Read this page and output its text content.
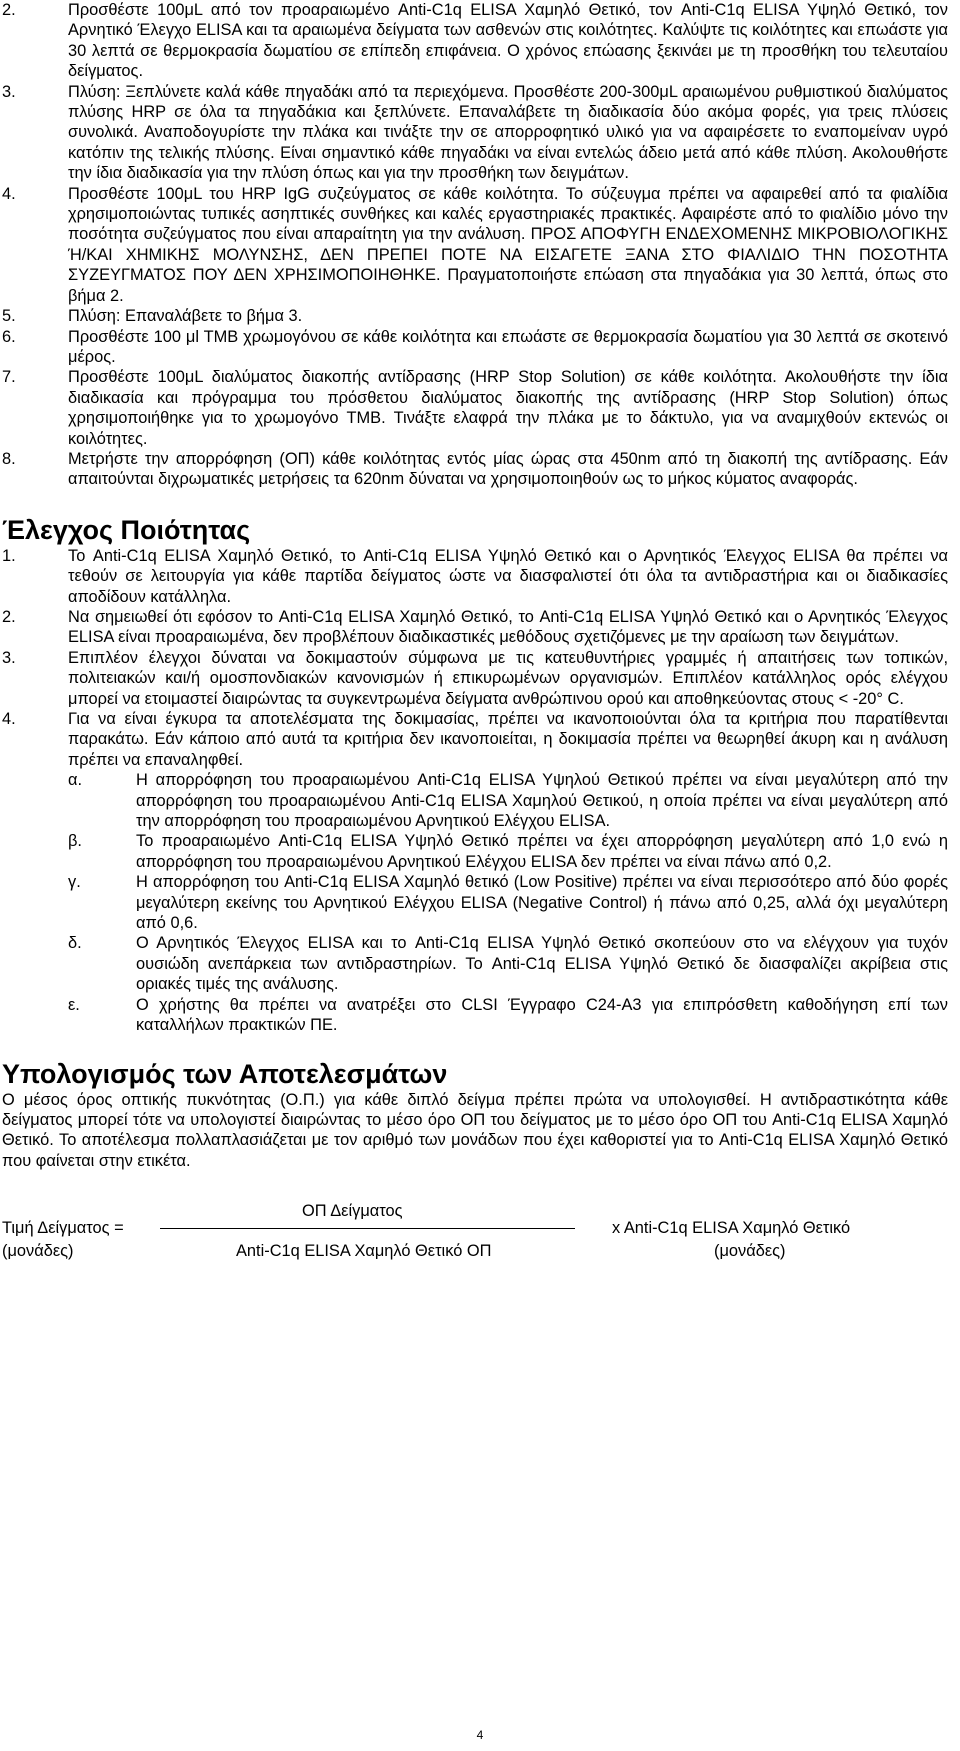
2.	Προσθέστε 100μL από τον προαραιωμένο Anti-C1q ELISA Χαμηλό Θετικό, τον Anti-C1q ELISA Υψηλό Θετικό, τον Αρνητικό Έλεγχο ELISA και τα αραιωμένα δείγματα των ασθενών στις κοιλότητες. Καλύψτε τις κοιλότητες και επωάστε για 30 λεπτά σε θερμοκρασία δωματίου σε επίπεδη επιφάνεια. Ο χρόνος επώασης ξεκινάει με τη προσθήκη του τελευταίου δείγματος.
3.	Πλύση: Ξεπλύνετε καλά κάθε πηγαδάκι από τα περιεχόμενα. Προσθέστε 200-300μL αραιωμένου ρυθμιστικού διαλύματος πλύσης HRP σε όλα τα πηγαδάκια και ξεπλύνετε. Επαναλάβετε τη διαδικασία δύο ακόμα φορές, για τρεις πλύσεις συνολικά. Αναποδογυρίστε την πλάκα και τινάξτε την σε απορροφητικό υλικό για να αφαιρέσετε το εναπομείναν υγρό κατόπιν της τελικής πλύσης. Είναι σημαντικό κάθε πηγαδάκι να είναι εντελώς άδειο μετά από κάθε πλύση. Ακολουθήστε την ίδια διαδικασία για την πλύση όπως και για την προσθήκη των δειγμάτων.
4.	Προσθέστε 100μL του HRP IgG συζεύγματος σε κάθε κοιλότητα. Το σύζευγμα πρέπει να αφαιρεθεί από τα φιαλίδια χρησιμοποιώντας τυπικές ασηπτικές συνθήκες και καλές εργαστηριακές πρακτικές. Αφαιρέστε από το φιαλίδιο μόνο την ποσότητα συζεύγματος που είναι απαραίτητη για την ανάλυση. ΠΡΟΣ ΑΠΟΦΥΓΗ ΕΝΔΕΧΟΜΕΝΗΣ ΜΙΚΡΟΒΙΟΛΟΓΙΚΗΣ Ή/ΚΑΙ ΧΗΜΙΚΗΣ ΜΟΛΥΝΣΗΣ, ΔΕΝ ΠΡΕΠΕΙ ΠΟΤΕ ΝΑ ΕΙΣΑΓΕΤΕ ΞΑΝΑ ΣΤΟ ΦΙΑΛΙΔΙΟ ΤΗΝ ΠΟΣΟΤΗΤΑ ΣΥΖΕΥΓΜΑΤΟΣ ΠΟΥ ΔΕΝ ΧΡΗΣΙΜΟΠΟΙΗΘΗΚΕ. Πραγματοποιήστε επώαση στα πηγαδάκια για 30 λεπτά, όπως στο βήμα 2.
5.	Πλύση: Επαναλάβετε το βήμα 3.
6.	Προσθέστε 100 μl TMB χρωμογόνου σε κάθε κοιλότητα και επωάστε σε θερμοκρασία δωματίου για 30 λεπτά σε σκοτεινό μέρος.
7.	Προσθέστε 100μL διαλύματος διακοπής αντίδρασης (HRP Stop Solution) σε κάθε κοιλότητα. Ακολουθήστε την ίδια διαδικασία και πρόγραμμα του πρόσθετου διαλύματος διακοπής της αντίδρασης (HRP Stop Solution) όπως χρησιμοποιήθηκε για το χρωμογόνο TMB. Τινάξτε ελαφρά την πλάκα με το δάκτυλο, για να αναμιχθούν εκτενώς οι κοιλότητες.
8.	Μετρήστε την απορρόφηση (ΟΠ) κάθε κοιλότητας εντός μίας ώρας στα 450nm από τη διακοπή της αντίδρασης. Εάν απαιτούνται διχρωματικές μετρήσεις τα 620nm δύναται να χρησιμοποιηθούν ως το μήκος κύματος αναφοράς.
Έλεγχος Ποιότητας
1.	Το Anti-C1q ELISA Χαμηλό Θετικό, το Anti-C1q ELISA Υψηλό Θετικό και ο Αρνητικός Έλεγχος ELISA θα πρέπει να τεθούν σε λειτουργία για κάθε παρτίδα δείγματος ώστε να διασφαλιστεί ότι όλα τα αντιδραστήρια και οι διαδικασίες αποδίδουν κατάλληλα.
2.	Να σημειωθεί ότι εφόσον το Anti-C1q ELISA Χαμηλό Θετικό, το Anti-C1q ELISA Υψηλό Θετικό και ο Αρνητικός Έλεγχος ELISA είναι προαραιωμένα, δεν προβλέπουν διαδικαστικές μεθόδους σχετιζόμενες με την αραίωση των δειγμάτων.
3.	Επιπλέον έλεγχοι δύναται να δοκιμαστούν σύμφωνα με τις κατευθυντήριες γραμμές ή απαιτήσεις των τοπικών, πολιτειακών και/ή ομοσπονδιακών κανονισμών ή επικυρωμένων οργανισμών. Επιπλέον κατάλληλος ορός ελέγχου μπορεί να ετοιμαστεί διαιρώντας τα συγκεντρωμένα δείγματα ανθρώπινου ορού και αποθηκεύοντας στους < -20° C.
4.	Για να είναι έγκυρα τα αποτελέσματα της δοκιμασίας, πρέπει να ικανοποιούνται όλα τα κριτήρια που παρατίθενται παρακάτω. Εάν κάποιο από αυτά τα κριτήρια δεν ικανοποιείται, η δοκιμασία πρέπει να θεωρηθεί άκυρη και η ανάλυση πρέπει να επαναληφθεί.
α.	Η απορρόφηση του προαραιωμένου Anti-C1q ELISA Υψηλού Θετικού πρέπει να είναι μεγαλύτερη από την απορρόφηση του προαραιωμένου Anti-C1q ELISA Χαμηλού Θετικού, η οποία πρέπει να είναι μεγαλύτερη από την απορρόφηση του προαραιωμένου Αρνητικού Ελέγχου ELISA.
β.	Το προαραιωμένο Anti-C1q ELISA Υψηλό Θετικό πρέπει να έχει απορρόφηση μεγαλύτερη από 1,0 ενώ η απορρόφηση του προαραιωμένου Αρνητικού Ελέγχου ELISA δεν πρέπει να είναι πάνω από 0,2.
γ.	Η απορρόφηση του Anti-C1q ELISA Χαμηλό θετικό (Low Positive) πρέπει να είναι περισσότερο από δύο φορές μεγαλύτερη εκείνης του Αρνητικού Ελέγχου ELISA (Negative Control) ή πάνω από 0,25, αλλά όχι μεγαλύτερη από 0,6.
δ.	Ο Αρνητικός Έλεγχος ELISA και το Anti-C1q ELISA Υψηλό Θετικό σκοπεύουν στο να ελέγχουν για τυχόν ουσιώδη ανεπάρκεια των αντιδραστηρίων. Το Anti-C1q ELISA Υψηλό Θετικό δε διασφαλίζει ακρίβεια στις οριακές τιμές της ανάλυσης.
ε.	Ο χρήστης θα πρέπει να ανατρέξει στο CLSI Έγγραφο C24-A3 για επιπρόσθετη καθοδήγηση επί των καταλλήλων πρακτικών ΠΕ.
Υπολογισμός των Αποτελεσμάτων
Ο μέσος όρος οπτικής πυκνότητας (Ο.Π.) για κάθε διπλό δείγμα πρέπει πρώτα να υπολογισθεί. Η αντιδραστικότητα κάθε δείγματος μπορεί τότε να υπολογιστεί διαιρώντας το μέσο όρο ΟΠ του δείγματος με το μέσο όρο ΟΠ του Anti-C1q ELISA Χαμηλό Θετικό. Το αποτέλεσμα πολλαπλασιάζεται με τον αριθμό των μονάδων που έχει καθοριστεί για το Anti-C1q ELISA Χαμηλό Θετικό που φαίνεται στην ετικέτα.
ΟΠ Δείγματος
Τιμή Δείγματος =
(μονάδες)	Anti-C1q ELISA Χαμηλό Θετικό ΟΠ
x Anti-C1q ELISA Χαμηλό Θετικό
(μονάδες)
4
